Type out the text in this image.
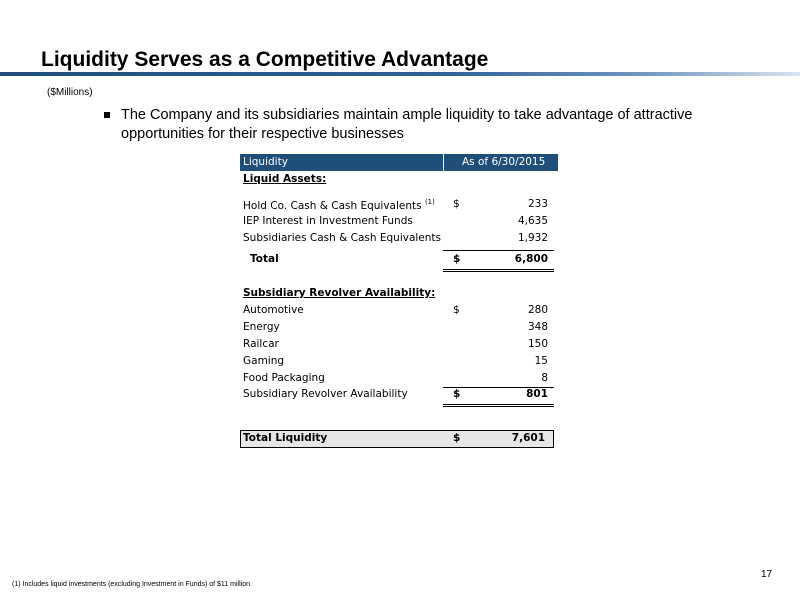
Liquidity Serves as a Competitive Advantage
($Millions)
The Company and its subsidiaries maintain ample liquidity to take advantage of attractive opportunities for their respective businesses
Liquidity	As of 6/30/2015
Liquid Assets:
Hold Co. Cash & Cash Equivalents $^{(1)}$ $	233
IEP Interest in Investment Funds	4,635
Subsidiaries Cash & Cash Equivalents	1,932
Total	$	6,800
Subsidiary Revolver Availability:
Automotive	$	280
Energy	348
Railcar	150
Gaming	15
Food Packaging	8
Subsidiary Revolver Availability	$	801
Total Liquidity	$	7,601
17
(1) Includes liquid investments (excluding Investment in Funds) of $11 million.
